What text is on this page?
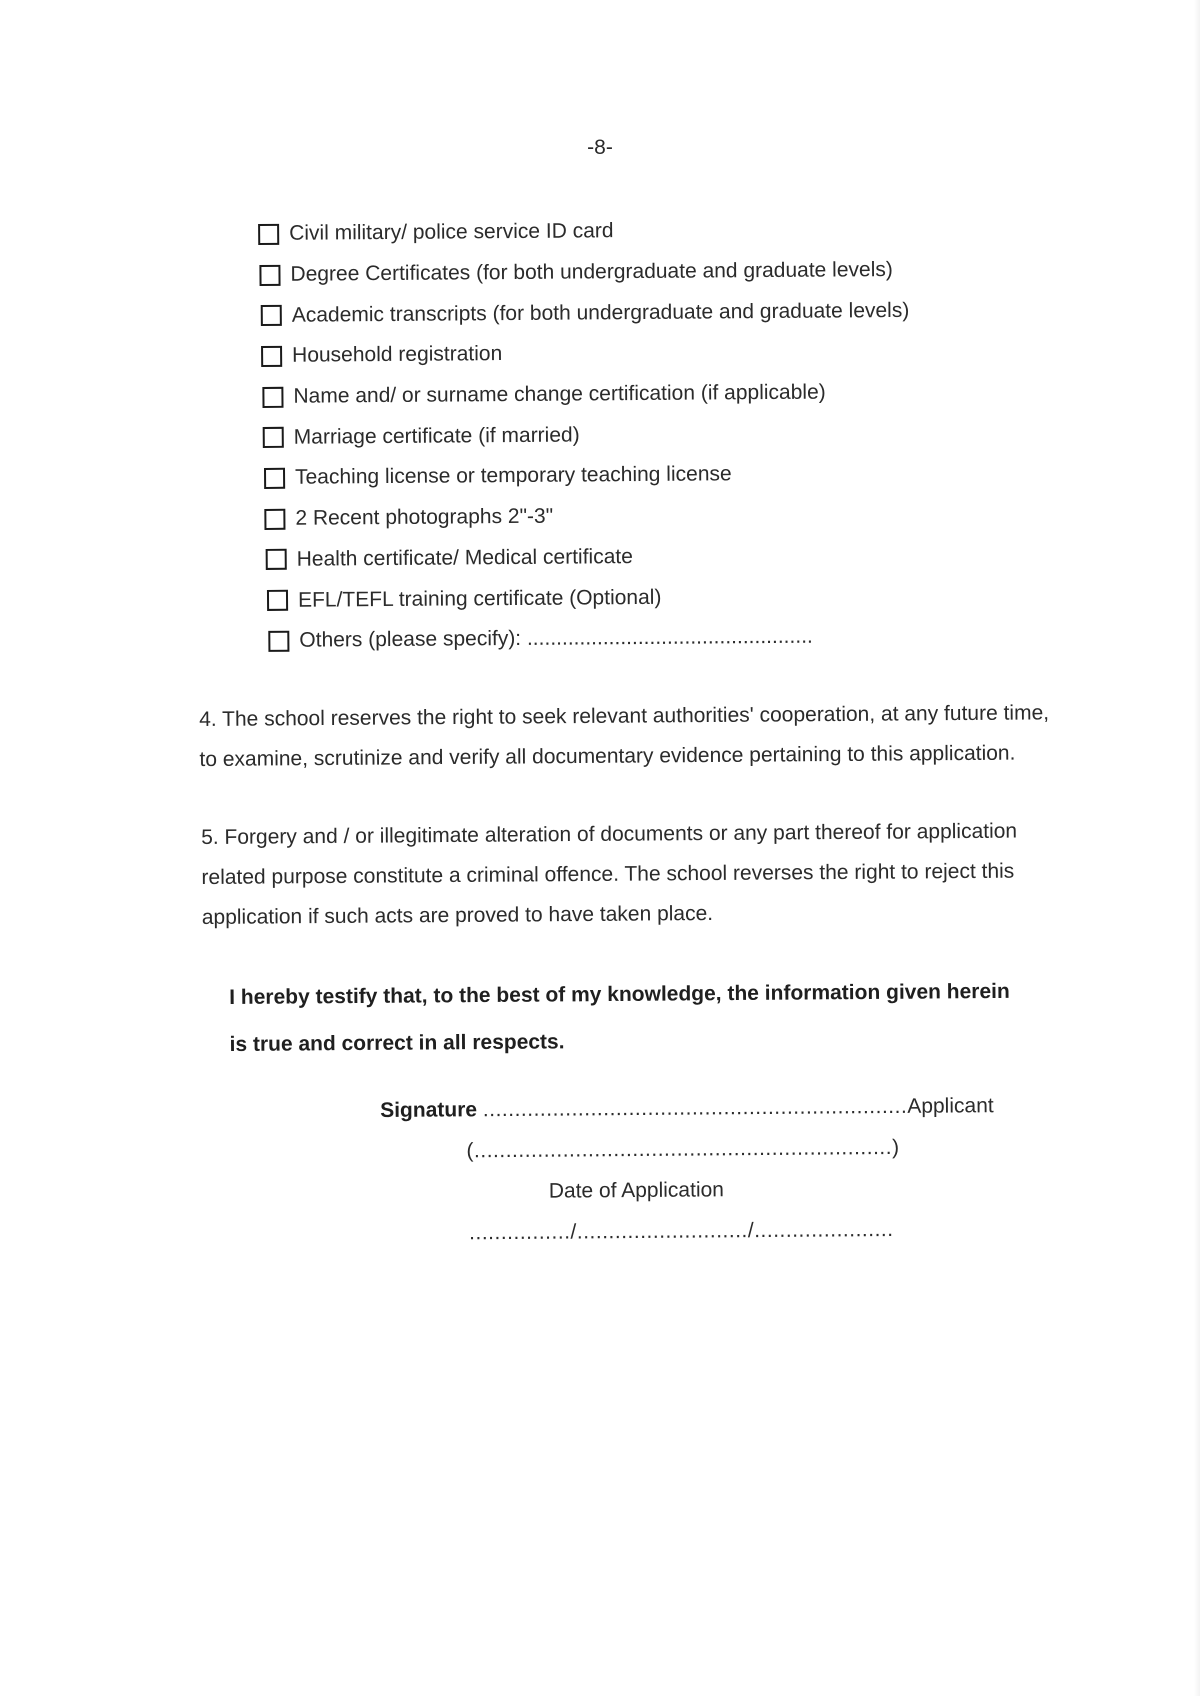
-8-
Civil military/ police service ID card
Degree Certificates (for both undergraduate and graduate levels)
Academic transcripts (for both undergraduate and graduate levels)
Household registration
Name and/ or surname change certification (if applicable)
Marriage certificate (if married)
Teaching license or temporary teaching license
2 Recent photographs 2"-3"
Health certificate/ Medical certificate
EFL/TEFL training certificate (Optional)
Others (please specify): .................................................

4. The school reserves the right to seek relevant authorities' cooperation, at any future time, to examine, scrutinize and verify all documentary evidence pertaining to this application.

5. Forgery and / or illegitimate alteration of documents or any part thereof for application related purpose constitute a criminal offence. The school reverses the right to reject this application if such acts are proved to have taken place.

I hereby testify that, to the best of my knowledge, the information given herein is true and correct in all respects.

Signature ...................................................................Applicant
(..................................................................)
Date of Application
................/.........................../......................
